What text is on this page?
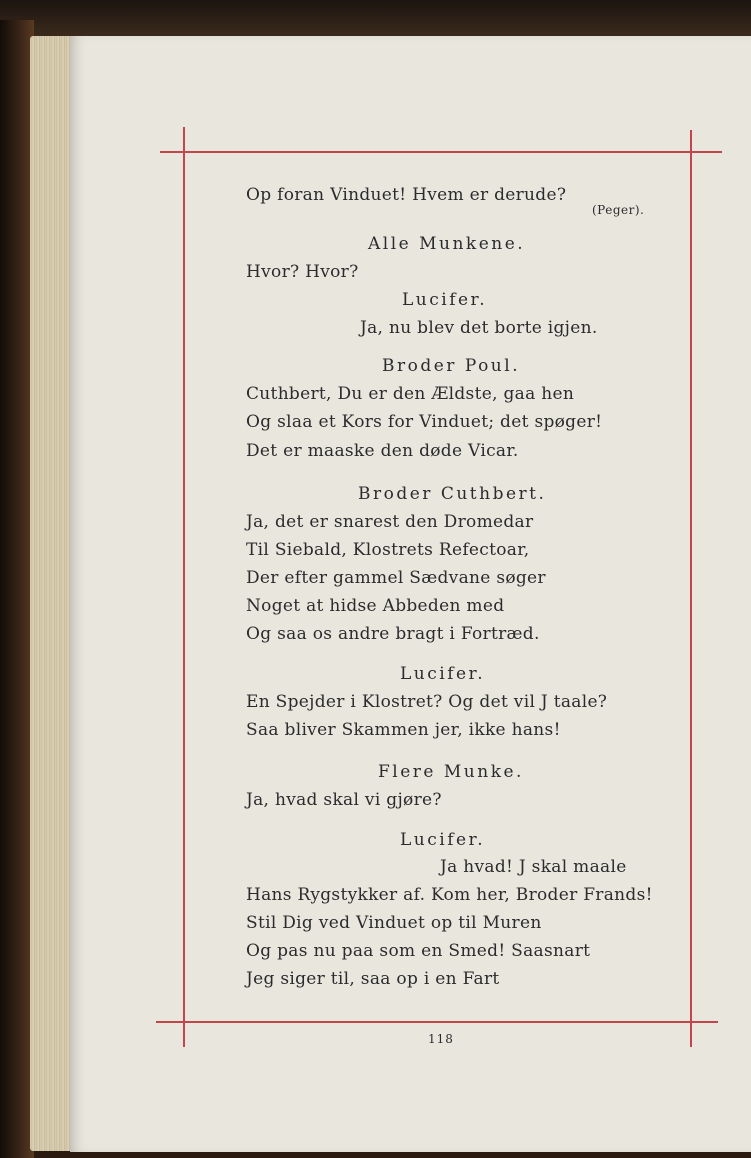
Op foran Vinduet! Hvem er derude?
(Peger).
Alle Munkene.
Hvor? Hvor?
Lucifer.
Ja, nu blev det borte igjen.
Broder Poul.
Cuthbert, Du er den Ældste, gaa hen
Og slaa et Kors for Vinduet; det spøger!
Det er maaske den døde Vicar.
Broder Cuthbert.
Ja, det er snarest den Dromedar
Til Siebald, Klostrets Refectoar,
Der efter gammel Sædvane søger
Noget at hidse Abbeden med
Og saa os andre bragt i Fortræd.
Lucifer.
En Spejder i Klostret? Og det vil J taale?
Saa bliver Skammen jer, ikke hans!
Flere Munke.
Ja, hvad skal vi gjøre?
Lucifer.
Ja hvad! J skal maale
Hans Rygstykker af. Kom her, Broder Frands!
Stil Dig ved Vinduet op til Muren
Og pas nu paa som en Smed! Saasnart
Jeg siger til, saa op i en Fart
118
